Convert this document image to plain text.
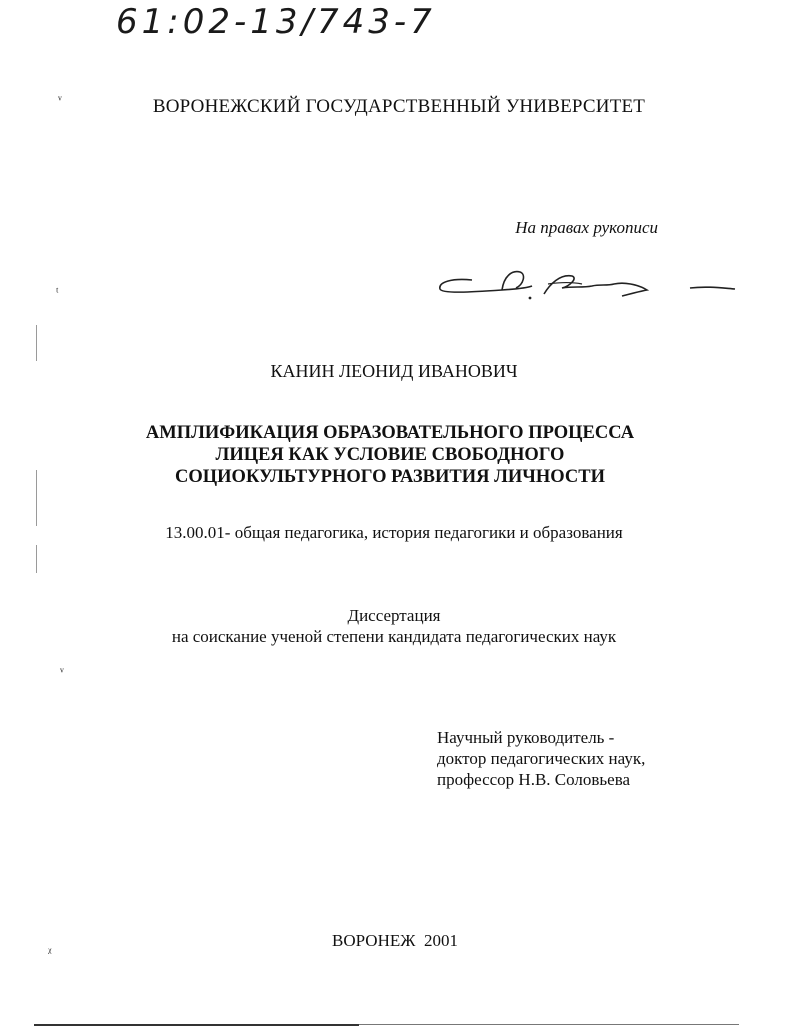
ᵛ
ᵗ
ᵛ
ᵡ
61:02-13/743-7
ВОРОНЕЖСКИЙ ГОСУДАРСТВЕННЫЙ УНИВЕРСИТЕТ
На правах рукописи
КАНИН ЛЕОНИД ИВАНОВИЧ
АМПЛИФИКАЦИЯ ОБРАЗОВАТЕЛЬНОГО ПРОЦЕССА
ЛИЦЕЯ КАК УСЛОВИЕ СВОБОДНОГО
СОЦИОКУЛЬТУРНОГО РАЗВИТИЯ ЛИЧНОСТИ
13.00.01- общая педагогика, история педагогики и образования
Диссертация
на соискание ученой степени кандидата педагогических наук
Научный руководитель -
доктор педагогических наук,
профессор Н.В. Соловьева
ВОРОНЕЖ  2001
